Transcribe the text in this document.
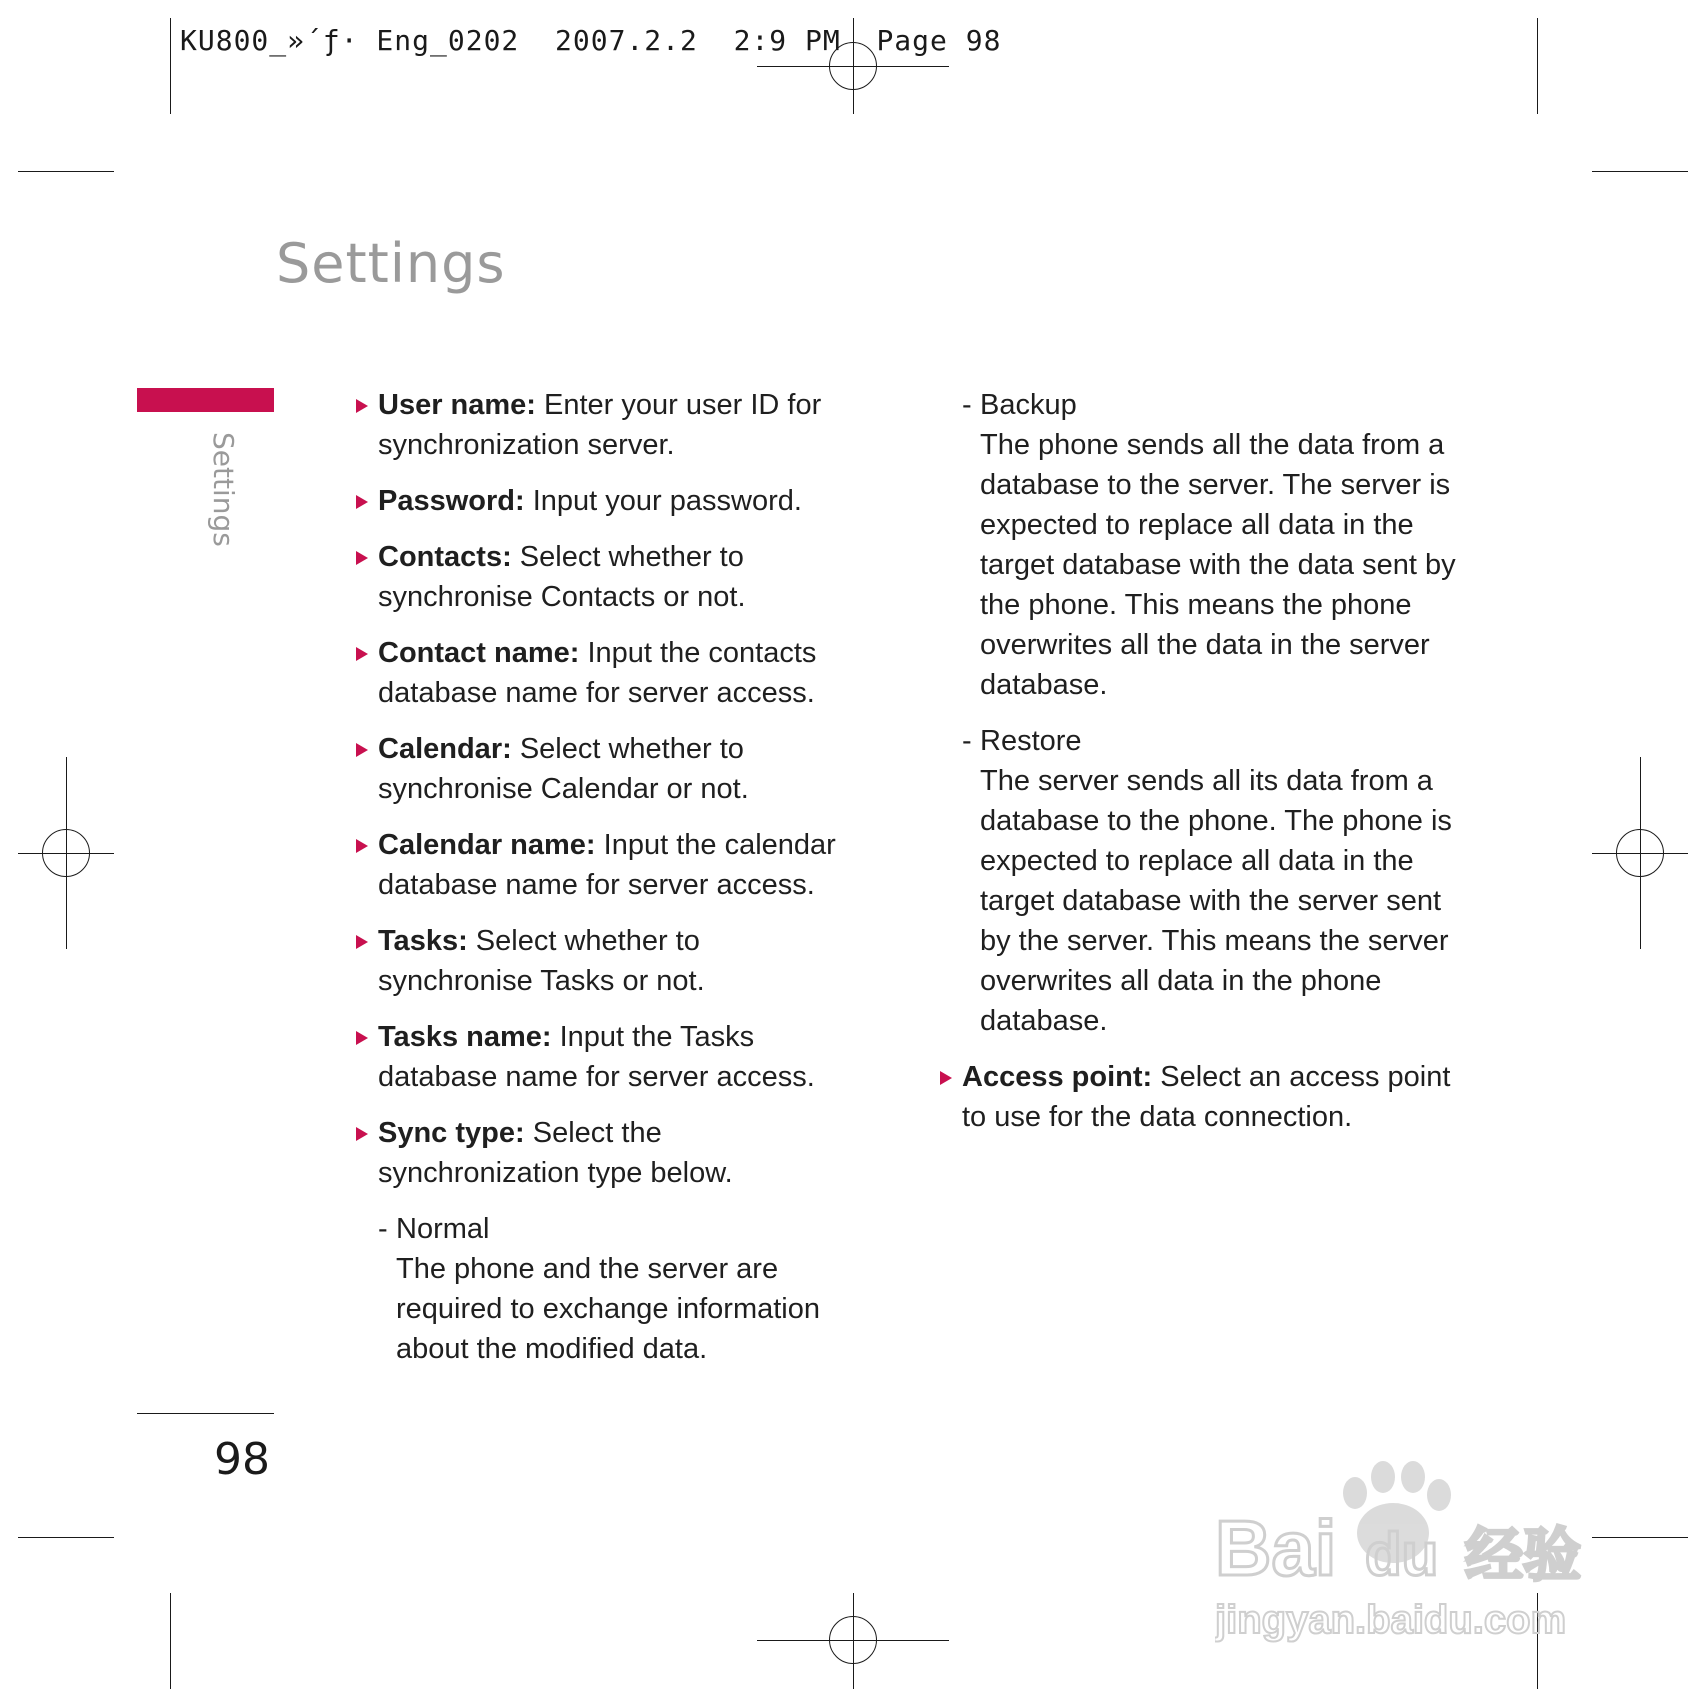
KU800_»´ƒ· Eng_0202  2007.2.2  2:9 PM  Page 98
Settings
Settings
User name: Enter your user ID for synchronization server.
Password: Input your password.
Contacts: Select whether to synchronise Contacts or not.
Contact name: Input the contacts database name for server access.
Calendar: Select whether to synchronise Calendar or not.
Calendar name: Input the calendar database name for server access.
Tasks: Select whether to synchronise Tasks or not.
Tasks name: Input the Tasks database name for server access.
Sync type: Select the synchronization type below.
- Normal
The phone and the server are required to exchange information about the modified data.
- Backup
The phone sends all the data from a database to the server. The server is expected to replace all data in the target database with the data sent by the phone. This means the phone overwrites all the data in the server database.
- Restore
The server sends all its data from a database to the phone. The phone is expected to replace all data in the target database with the server sent by the server. This means the server overwrites all data in the phone database.
Access point: Select an access point to use for the data connection.
98
Bai du 经验
jingyan.baidu.com
